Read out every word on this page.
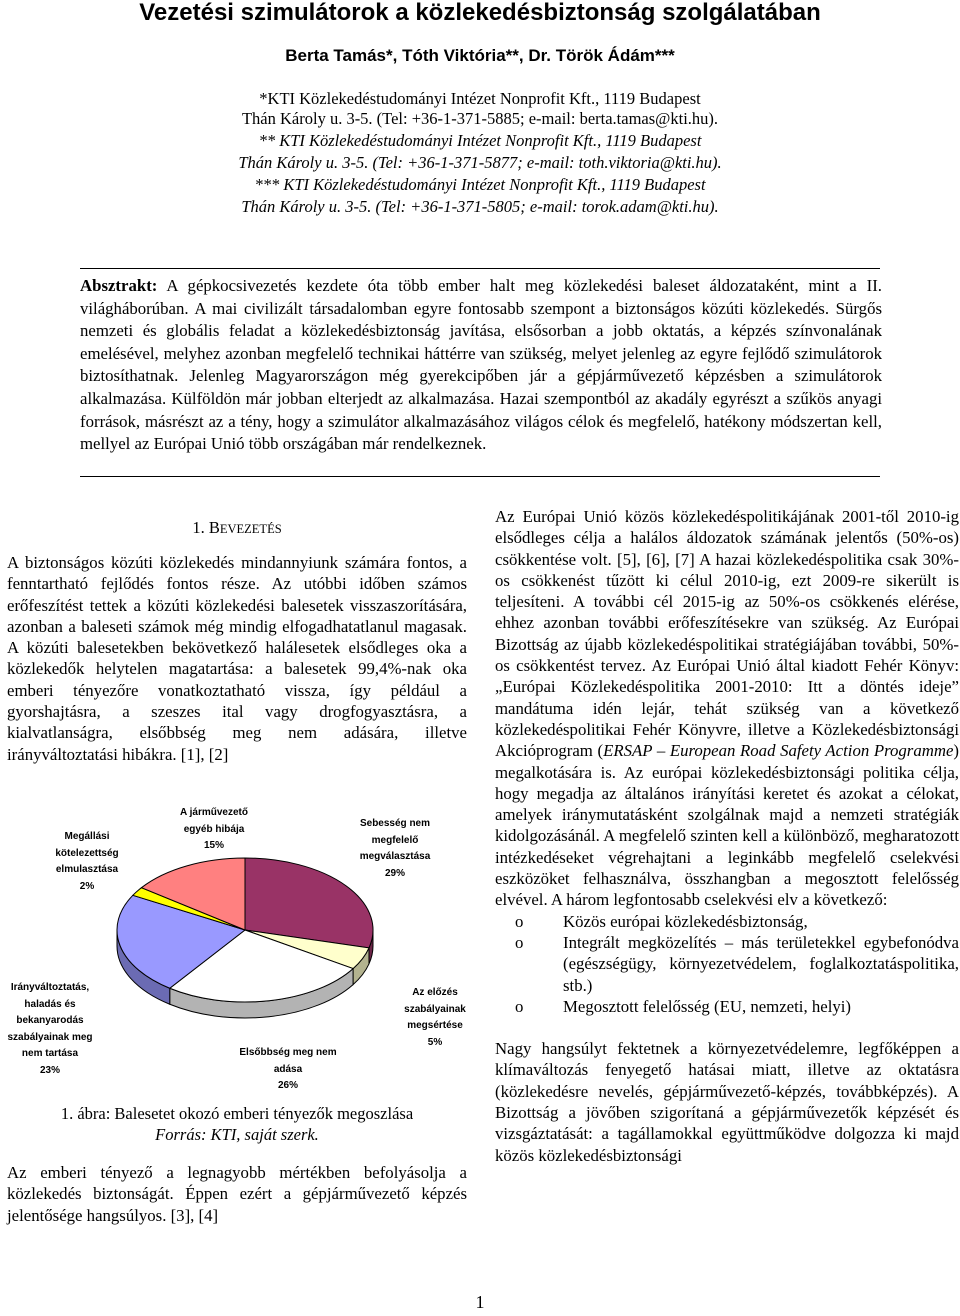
Vezetési szimulátorok a közlekedésbiztonság szolgálatában
Berta Tamás*, Tóth Viktória**, Dr. Török Ádám***
*KTI Közlekedéstudományi Intézet Nonprofit Kft., 1119 Budapest
Thán Károly u. 3-5. (Tel: +36-1-371-5885; e-mail: berta.tamas@kti.hu).
** KTI Közlekedéstudományi Intézet Nonprofit Kft., 1119 Budapest
Thán Károly u. 3-5. (Tel: +36-1-371-5877; e-mail: toth.viktoria@kti.hu).
*** KTI Közlekedéstudományi Intézet Nonprofit Kft., 1119 Budapest
Thán Károly u. 3-5. (Tel: +36-1-371-5805; e-mail: torok.adam@kti.hu).
Absztrakt: A gépkocsivezetés kezdete óta több ember halt meg közlekedési baleset áldozataként, mint a II. világháborúban. A mai civilizált társadalomban egyre fontosabb szempont a biztonságos közúti közlekedés. Sürgős nemzeti és globális feladat a közlekedésbiztonság javítása, elsősorban a jobb oktatás, a képzés színvonalának emelésével, melyhez azonban megfelelő technikai háttérre van szükség, melyet jelenleg az egyre fejlődő szimulátorok biztosíthatnak. Jelenleg Magyarországon még gyerekcipőben jár a gépjárművezető képzésben a szimulátorok alkalmazása. Külföldön már jobban elterjedt az alkalmazása. Hazai szempontból az akadály egyrészt a szűkös anyagi források, másrészt az a tény, hogy a szimulátor alkalmazásához világos célok és megfelelő, hatékony módszertan kell, mellyel az Európai Unió több országában már rendelkeznek.
1. BEVEZETÉS

A biztonságos közúti közlekedés mindannyiunk számára fontos, a fenntartható fejlődés fontos része. Az utóbbi időben számos erőfeszítést tettek a közúti közlekedési balesetek visszaszorítására, azonban a baleseti számok még mindig elfogadhatatlanul magasak. A közúti balesetekben bekövetkező halálesetek elsődleges oka a közlekedők helytelen magatartása: a balesetek 99,4%-nak oka emberi tényezőre vonatkoztatható vissza, így például a gyorshajtásra, a szeszes ital vagy drogfogyasztásra, a kialvatlanságra, elsőbbség meg nem adására, illetve irányváltoztatási hibákra. [1], [2]

Sebesség nem
megfelelő
megválasztása
29%
Az előzés
szabályainak
megsértése
5%
Elsőbbség meg nem
adása
26%
Irányváltoztatás,
haladás és
bekanyarodás
szabályainak meg
nem tartása
23%
Megállási
kötelezettség
elmulasztása
2%
A járművezető
egyéb hibája
15%
1. ábra: Balesetet okozó emberi tényezők megoszlása
Forrás: KTI, saját szerk.

Az emberi tényező a legnagyobb mértékben befolyásolja a közlekedés biztonságát. Éppen ezért a gépjárművezető képzés jelentősége hangsúlyos. [3], [4]

Az Európai Unió közös közlekedéspolitikájának 2001-től 2010-ig elsődleges célja a halálos áldozatok számának jelentős (50%-os) csökkentése volt. [5], [6], [7] A hazai közlekedéspolitika csak 30%-os csökkenést tűzött ki célul 2010-ig, ezt 2009-re sikerült is teljesíteni. A további cél 2015-ig az 50%-os csökkenés elérése, ehhez azonban további erőfeszítésekre van szükség. Az Európai Bizottság az újabb közlekedéspolitikai stratégiájában további, 50%-os csökkentést tervez. Az Európai Unió által kiadott Fehér Könyv: „Európai Közlekedéspolitika 2001-2010: Itt a döntés ideje” mandátuma idén lejár, tehát szükség van a következő közlekedéspolitikai Fehér Könyvre, illetve a Közlekedésbiztonsági Akcióprogram (ERSAP – European Road Safety Action Programme) megalkotására is. Az európai közlekedésbiztonsági politika célja, hogy megadja az általános irányítási keretet és azokat a célokat, amelyek iránymutatásként szolgálnak majd a nemzeti stratégiák kidolgozásánál. A megfelelő szinten kell a különböző, megharatozott intézkedéseket végrehajtani a leginkább megfelelő cselekvési eszközöket felhasználva, összhangban a megosztott felelősség elvével. A három legfontosabb cselekvési elv a következő:

o Közös európai közlekedésbiztonság,
o Integrált megközelítés – más területekkel egybefonódva (egészségügy, környezetvédelem, foglalkoztatáspolitika, stb.)
o Megosztott felelősség (EU, nemzeti, helyi)

Nagy hangsúlyt fektetnek a környezetvédelemre, legfőképpen a klímaváltozás fenyegető hatásai miatt, illetve az oktatásra (közlekedésre nevelés, gépjárművezető-képzés, továbbképzés). A Bizottság a jövőben szigorítaná a gépjárművezetők képzését és vizsgáztatását: a tagállamokkal együttműködve dolgozza ki majd közös közlekedésbiztonsági

1
